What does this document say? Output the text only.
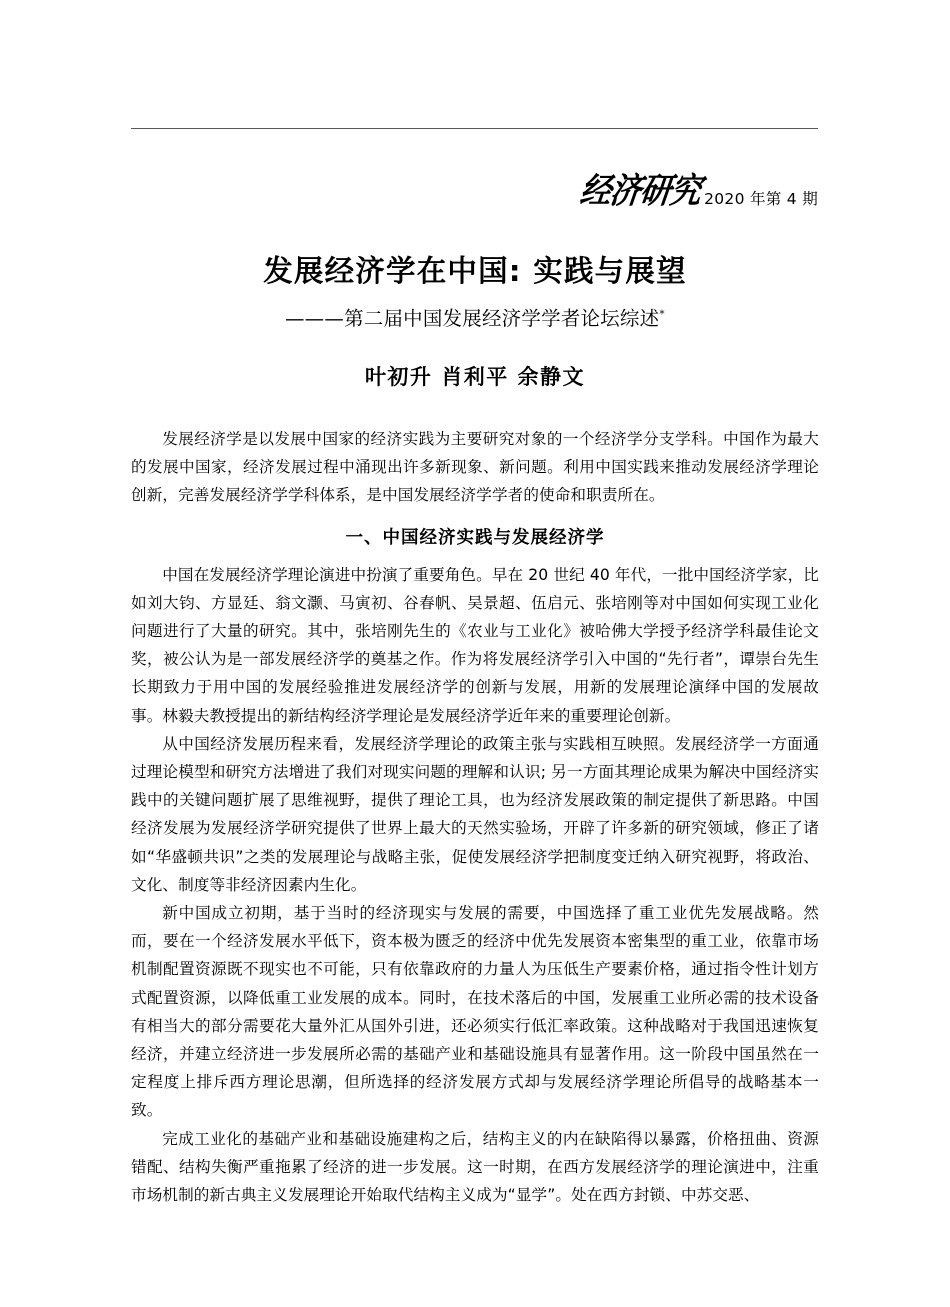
经济研究 2020 年第 4 期
发展经济学在中国: 实践与展望
———第二届中国发展经济学学者论坛综述*
叶初升 肖利平 余静文

发展经济学是以发展中国家的经济实践为主要研究对象的一个经济学分支学科。中国作为最大的发展中国家，经济发展过程中涌现出许多新现象、新问题。利用中国实践来推动发展经济学理论创新，完善发展经济学学科体系，是中国发展经济学学者的使命和职责所在。

一、中国经济实践与发展经济学

中国在发展经济学理论演进中扮演了重要角色。早在 20 世纪 40 年代，一批中国经济学家，比如刘大钧、方显廷、翁文灏、马寅初、谷春帆、吴景超、伍启元、张培刚等对中国如何实现工业化问题进行了大量的研究。其中，张培刚先生的《农业与工业化》被哈佛大学授予经济学科最佳论文奖，被公认为是一部发展经济学的奠基之作。作为将发展经济学引入中国的“先行者”，谭崇台先生长期致力于用中国的发展经验推进发展经济学的创新与发展，用新的发展理论演绎中国的发展故事。林毅夫教授提出的新结构经济学理论是发展经济学近年来的重要理论创新。

从中国经济发展历程来看，发展经济学理论的政策主张与实践相互映照。发展经济学一方面通过理论模型和研究方法增进了我们对现实问题的理解和认识; 另一方面其理论成果为解决中国经济实践中的关键问题扩展了思维视野，提供了理论工具，也为经济发展政策的制定提供了新思路。中国经济发展为发展经济学研究提供了世界上最大的天然实验场，开辟了许多新的研究领域，修正了诸如“华盛顿共识”之类的发展理论与战略主张，促使发展经济学把制度变迁纳入研究视野，将政治、文化、制度等非经济因素内生化。

新中国成立初期，基于当时的经济现实与发展的需要，中国选择了重工业优先发展战略。然而，要在一个经济发展水平低下，资本极为匮乏的经济中优先发展资本密集型的重工业，依靠市场机制配置资源既不现实也不可能，只有依靠政府的力量人为压低生产要素价格，通过指令性计划方式配置资源，以降低重工业发展的成本。同时，在技术落后的中国，发展重工业所必需的技术设备有相当大的部分需要花大量外汇从国外引进，还必须实行低汇率政策。这种战略对于我国迅速恢复经济，并建立经济进一步发展所必需的基础产业和基础设施具有显著作用。这一阶段中国虽然在一定程度上排斥西方理论思潮，但所选择的经济发展方式却与发展经济学理论所倡导的战略基本一致。

完成工业化的基础产业和基础设施建构之后，结构主义的内在缺陷得以暴露，价格扭曲、资源错配、结构失衡严重拖累了经济的进一步发展。这一时期，在西方发展经济学的理论演进中，注重市场机制的新古典主义发展理论开始取代结构主义成为“显学”。处在西方封锁、中苏交恶、
